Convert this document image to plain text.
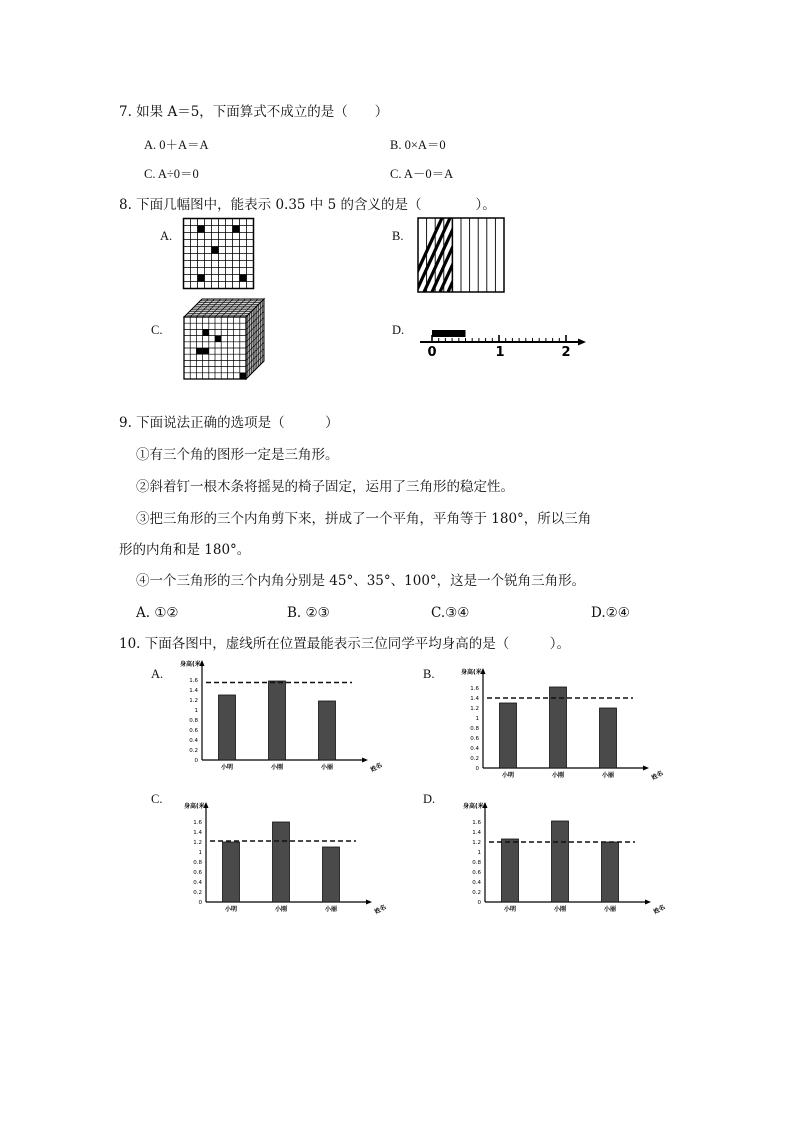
7. 如果 A＝5，下面算式不成立的是（　　）
A. 0＋A＝A	B. 0×A＝0
C. A÷0＝0	C. A－0＝A
8. 下面几幅图中，能表示 0.35 中 5 的含义的是（　　　　）。
A.	B.
C.	D.
0	1	2
9. 下面说法正确的选项是（　　　）
①有三个角的图形一定是三角形。
②斜着钉一根木条将摇晃的椅子固定，运用了三角形的稳定性。
③把三角形的三个内角剪下来，拼成了一个平角，平角等于 180°，所以三角
形的内角和是 180°。
④一个三角形的三个内角分别是 45°、35°、100°，这是一个锐角三角形。
A. ①②	B. ②③	C.③④	D.②④
10. 下面各图中，虚线所在位置最能表示三位同学平均身高的是（　　　）。
A.	B.
C.	D.
身高(米)
0
0.2
0.4
0.6
0.8
1
1.2
1.4
1.6
小明	小刚	小丽	姓名
身高(米)
0
0.2
0.4
0.6
0.8
1
1.2
1.4
1.6
小明	小刚	小丽	姓名
身高(米)
0
0.2
0.4
0.6
0.8
1
1.2
1.4
1.6
小明	小刚	小丽	姓名
身高(米)
0
0.2
0.4
0.6
0.8
1
1.2
1.4
1.6
小明	小刚	小丽	姓名
